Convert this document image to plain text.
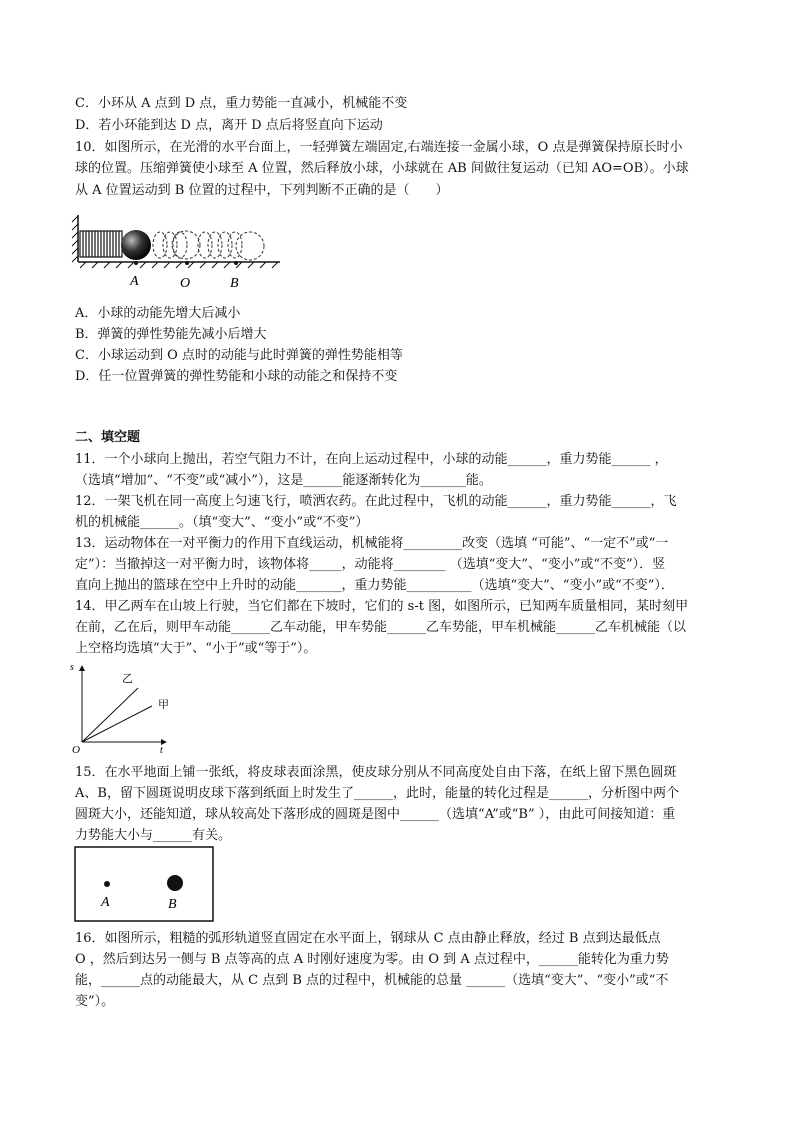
C．小环从 A 点到 D 点，重力势能一直减小，机械能不变
D．若小环能到达 D 点，离开 D 点后将竖直向下运动
10．如图所示，在光滑的水平台面上，一轻弹簧左端固定,右端连接一金属小球，O 点是弹簧保持原长时小
球的位置。压缩弹簧使小球至 A 位置，然后释放小球，小球就在 AB 间做往复运动（已知 AO=OB）。小球
从 A 位置运动到 B 位置的过程中，下列判断不正确的是（　　）
A	O	B
A．小球的动能先增大后减小
B．弹簧的弹性势能先减小后增大
C．小球运动到 O 点时的动能与此时弹簧的弹性势能相等
D．任一位置弹簧的弹性势能和小球的动能之和保持不变
二、填空题
11．一个小球向上抛出，若空气阻力不计，在向上运动过程中，小球的动能______，重力势能______ ，
（选填“增加”、“不变”或“减小”），这是______能逐渐转化为_______能。
12．一架飞机在同一高度上匀速飞行，喷洒农药。在此过程中，飞机的动能______，重力势能______，飞
机的机械能______。（填“变大”、“变小”或“不变”）
13．运动物体在一对平衡力的作用下直线运动，机械能将_________改变（选填 “可能”、“一定不”或“一
定”）：当撤掉这一对平衡力时，该物体将_____，动能将________ （选填“变大”、“变小”或“不变”）．竖
直向上抛出的篮球在空中上升时的动能_______，重力势能__________（选填“变大”、“变小”或“不变”）．
14．甲乙两车在山坡上行驶，当它们都在下坡时，它们的 s-t 图，如图所示，已知两车质量相同，某时刻甲
在前，乙在后，则甲车动能______乙车动能，甲车势能______乙车势能，甲车机械能______乙车机械能（以
上空格均选填“大于”、“小于”或“等于”）。
s
t
O
乙
甲
15．在水平地面上铺一张纸，将皮球表面涂黑，使皮球分别从不同高度处自由下落，在纸上留下黑色圆斑
A、B，留下圆斑说明皮球下落到纸面上时发生了______，此时，能量的转化过程是______，分析图中两个
圆斑大小，还能知道，球从较高处下落形成的圆斑是图中______（选填“A”或“B” ），由此可间接知道：重
力势能大小与______有关。
A	B
16．如图所示，粗糙的弧形轨道竖直固定在水平面上，钢球从 C 点由静止释放，经过 B 点到达最低点
O ，然后到达另一侧与 B 点等高的点 A 时刚好速度为零。由 O 到 A 点过程中，______能转化为重力势
能，______点的动能最大，从 C 点到 B 点的过程中，机械能的总量 ______（选填“变大”、“变小”或“不
变”）。
